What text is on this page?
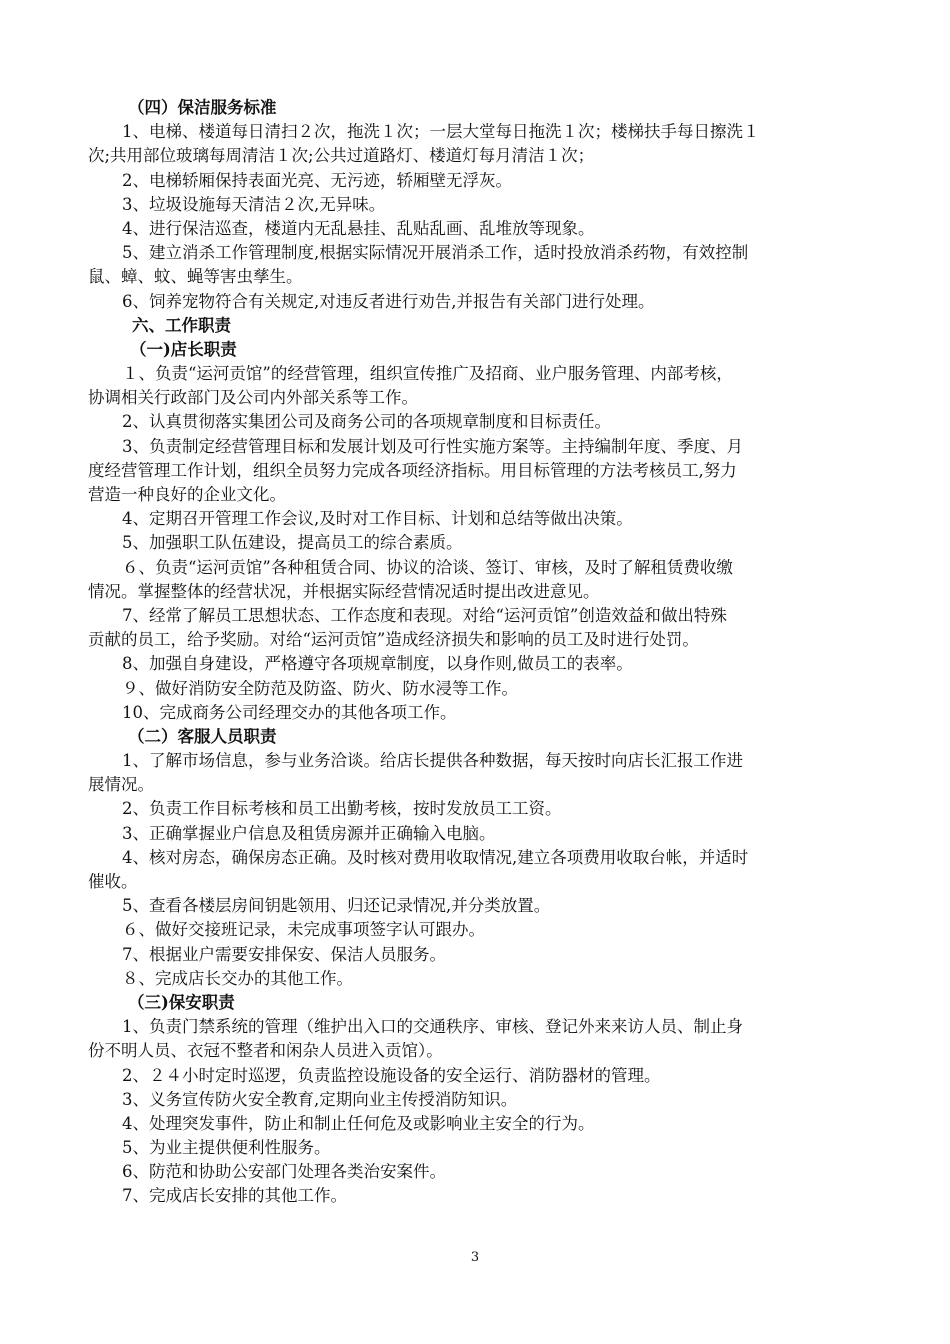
（四）保洁服务标准
1、电梯、楼道每日清扫２次，拖洗１次；一层大堂每日拖洗１次；楼梯扶手每日擦洗１
次;共用部位玻璃每周清洁１次;公共过道路灯、楼道灯每月清洁１次；
2、电梯轿厢保持表面光亮、无污迹，轿厢壁无浮灰。
3、垃圾设施每天清洁２次,无异味。
4、进行保洁巡查，楼道内无乱悬挂、乱贴乱画、乱堆放等现象。
5、建立消杀工作管理制度,根据实际情况开展消杀工作，适时投放消杀药物，有效控制
鼠、蟑、蚊、蝇等害虫孳生。
6、饲养宠物符合有关规定,对违反者进行劝告,并报告有关部门进行处理。
六、工作职责
（一)店长职责
１、负责“运河贡馆”的经营管理，组织宣传推广及招商、业户服务管理、内部考核，
协调相关行政部门及公司内外部关系等工作。
2、认真贯彻落实集团公司及商务公司的各项规章制度和目标责任。
3、负责制定经营管理目标和发展计划及可行性实施方案等。主持编制年度、季度、月
度经营管理工作计划，组织全员努力完成各项经济指标。用目标管理的方法考核员工,努力
营造一种良好的企业文化。
4、定期召开管理工作会议,及时对工作目标、计划和总结等做出决策。
5、加强职工队伍建设，提高员工的综合素质。
６、负责“运河贡馆”各种租赁合同、协议的洽谈、签订、审核，及时了解租赁费收缴
情况。掌握整体的经营状况，并根据实际经营情况适时提出改进意见。
7、经常了解员工思想状态、工作态度和表现。对给“运河贡馆”创造效益和做出特殊
贡献的员工，给予奖励。对给“运河贡馆”造成经济损失和影响的员工及时进行处罚。
8、加强自身建设，严格遵守各项规章制度，以身作则,做员工的表率。
９、做好消防安全防范及防盗、防火、防水浸等工作。
10、完成商务公司经理交办的其他各项工作。
（二）客服人员职责
1、了解市场信息，参与业务洽谈。给店长提供各种数据，每天按时向店长汇报工作进
展情况。
2、负责工作目标考核和员工出勤考核，按时发放员工工资。
3、正确掌握业户信息及租赁房源并正确输入电脑。
4、核对房态，确保房态正确。及时核对费用收取情况,建立各项费用收取台帐，并适时
催收。
5、查看各楼层房间钥匙领用、归还记录情况,并分类放置。
６、做好交接班记录，未完成事项签字认可跟办。
7、根据业户需要安排保安、保洁人员服务。
８、完成店长交办的其他工作。
（三)保安职责
1、负责门禁系统的管理（维护出入口的交通秩序、审核、登记外来来访人员、制止身
份不明人员、衣冠不整者和闲杂人员进入贡馆）。
2、２４小时定时巡逻，负责监控设施设备的安全运行、消防器材的管理。
3、义务宣传防火安全教育,定期向业主传授消防知识。
4、处理突发事件，防止和制止任何危及或影响业主安全的行为。
5、为业主提供便利性服务。
6、防范和协助公安部门处理各类治安案件。
7、完成店长安排的其他工作。
3
